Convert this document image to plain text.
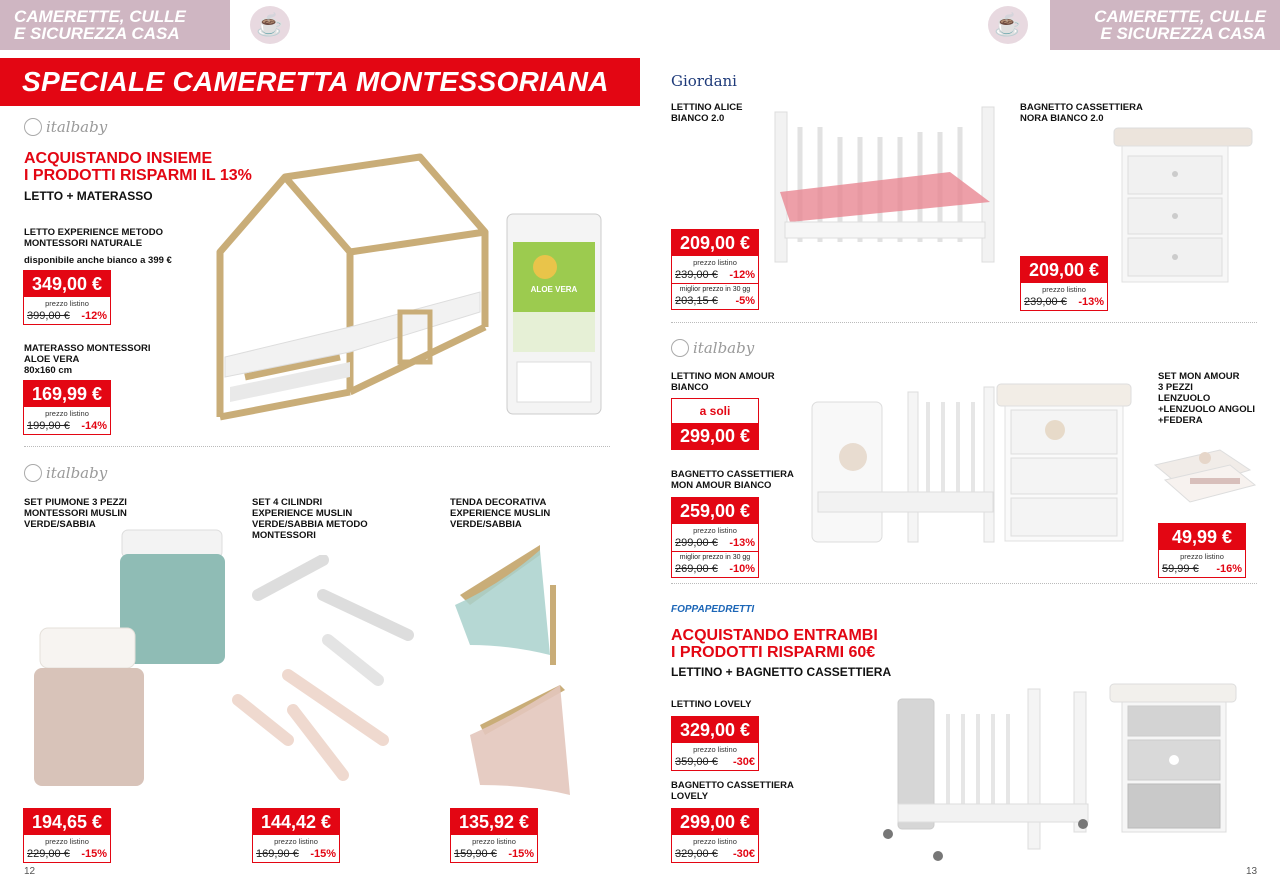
CAMERETTE, CULLE
E SICUREZZA CASA	☕	☕	CAMERETTE, CULLE
E SICUREZZA CASA
SPECIALE CAMERETTA MONTESSORIANA
italbaby
ACQUISTANDO INSIEME
I PRODOTTI RISPARMI IL 13%
LETTO + MATERASSO
LETTO EXPERIENCE METODO
MONTESSORI NATURALE
disponibile anche bianco a 399 €
349,00 €
prezzo listino
399,00 € -12%
ALOE VERA
MATERASSO MONTESSORI
ALOE VERA
80x160 cm
169,99 €
prezzo listino
199,90 € -14%
italbaby
SET PIUMONE 3 PEZZI
MONTESSORI MUSLIN
VERDE/SABBIA
194,65 €
prezzo listino
229,00 € -15%
SET 4 CILINDRI
EXPERIENCE MUSLIN
VERDE/SABBIA METODO
MONTESSORI
144,42 €
prezzo listino
169,90 € -15%
TENDA DECORATIVA
EXPERIENCE MUSLIN
VERDE/SABBIA
135,92 €
prezzo listino
159,90 € -15%
12
Giordani
LETTINO ALICE
BIANCO 2.0
209,00 €
prezzo listino
239,00 € -12%
miglior prezzo in 30 gg
203,15 € -5%
BAGNETTO CASSETTIERA
NORA BIANCO 2.0
209,00 €
prezzo listino
239,00 € -13%
italbaby
LETTINO MON AMOUR
BIANCO
a soli
299,00 €
BAGNETTO CASSETTIERA
MON AMOUR BIANCO
259,00 €
prezzo listino
299,00 € -13%
miglior prezzo in 30 gg
269,00 € -10%
SET MON AMOUR
3 PEZZI
LENZUOLO
+LENZUOLO ANGOLI
+FEDERA
49,99 €
prezzo listino
59,99 € -16%
FOPPAPEDRETTI
ACQUISTANDO ENTRAMBI
I PRODOTTI RISPARMI 60€
LETTINO + BAGNETTO CASSETTIERA
LETTINO LOVELY
329,00 €
prezzo listino
359,00 € -30€
BAGNETTO CASSETTIERA
LOVELY
299,00 €
prezzo listino
329,00 € -30€
13
